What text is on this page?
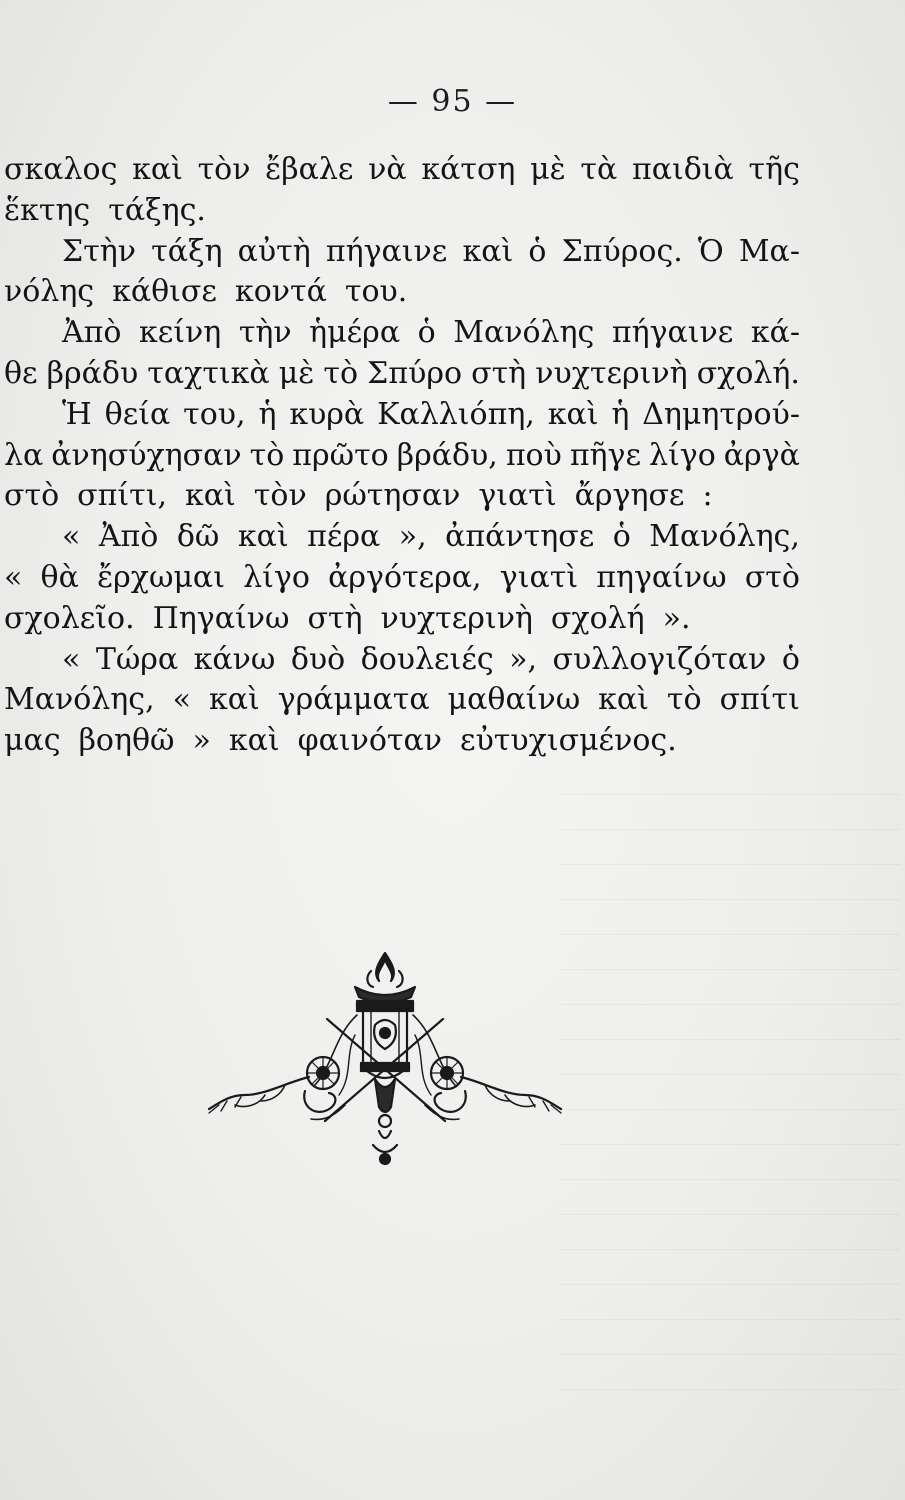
— 95 —
σκαλος καὶ τὸν ἔβαλε νὰ κάτση μὲ τὰ παιδιὰ τῆς
ἕκτης τάξης.
Στὴν τάξη αὐτὴ πήγαινε καὶ ὁ Σπύρος. Ὁ Μα-
νόλης κάθισε κοντά του.
Ἀπὸ κείνη τὴν ἡμέρα ὁ Μανόλης πήγαινε κά-
θε βράδυ ταχτικὰ μὲ τὸ Σπύρο στὴ νυχτερινὴ σχολή.
Ἡ θεία του, ἡ κυρὰ Καλλιόπη, καὶ ἡ Δημητρού-
λα ἀνησύχησαν τὸ πρῶτο βράδυ, ποὺ πῆγε λίγο ἀργὰ
στὸ σπίτι, καὶ τὸν ρώτησαν γιατὶ ἄργησε :
« Ἀπὸ δῶ καὶ πέρα », ἀπάντησε ὁ Μανόλης,
« θὰ ἔρχωμαι λίγο ἀργότερα, γιατὶ πηγαίνω στὸ
σχολεῖο. Πηγαίνω στὴ νυχτερινὴ σχολή ».
« Τώρα κάνω δυὸ δουλειές », συλλογιζόταν ὁ
Μανόλης, « καὶ γράμματα μαθαίνω καὶ τὸ σπίτι
μας βοηθῶ » καὶ φαινόταν εὐτυχισμένος.
